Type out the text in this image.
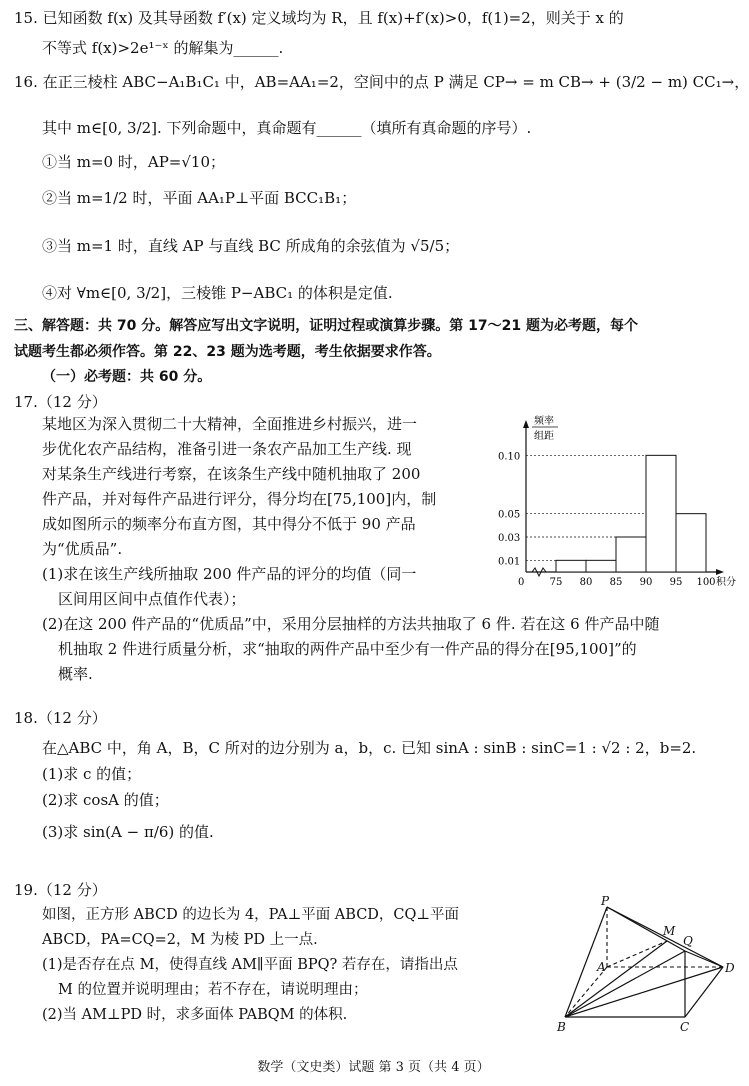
15. 已知函数 f(x) 及其导函数 f′(x) 定义域均为 R，且 f(x)+f′(x)>0，f(1)=2，则关于 x 的
不等式 f(x)>2e¹⁻ˣ 的解集为______.
16. 在正三棱柱 ABC−A₁B₁C₁ 中，AB=AA₁=2，空间中的点 P 满足 CP→ = m CB→ + (3/2 − m) CC₁→，
其中 m∈[0, 3/2]. 下列命题中，真命题有______（填所有真命题的序号）.
①当 m=0 时，AP=√10；
②当 m=1/2 时，平面 AA₁P⊥平面 BCC₁B₁；
③当 m=1 时，直线 AP 与直线 BC 所成角的余弦值为 √5/5；
④对 ∀m∈[0, 3/2]，三棱锥 P−ABC₁ 的体积是定值.
三、解答题：共 70 分。解答应写出文字说明，证明过程或演算步骤。第 17～21 题为必考题，每个
试题考生都必须作答。第 22、23 题为选考题，考生依据要求作答。
（一）必考题：共 60 分。
17.（12 分）
某地区为深入贯彻二十大精神，全面推进乡村振兴，进一
步优化农产品结构，准备引进一条农产品加工生产线. 现
对某条生产线进行考察，在该条生产线中随机抽取了 200
件产品，并对每件产品进行评分，得分均在[75,100]内，制
成如图所示的频率分布直方图，其中得分不低于 90 产品
为“优质品”.
(1)求在该生产线所抽取 200 件产品的评分的均值（同一
区间用区间中点值作代表）；
(2)在这 200 件产品的“优质品”中，采用分层抽样的方法共抽取了 6 件. 若在这 6 件产品中随
机抽取 2 件进行质量分析，求“抽取的两件产品中至少有一件产品的得分在[95,100]”的
概率.
频率
组距
0.10
0.05
0.03
0.01
0	75 80 85 90 95 100 积分
18.（12 分）
在△ABC 中，角 A，B，C 所对的边分别为 a，b，c. 已知 sinA : sinB : sinC=1 : √2 : 2，b=2.
(1)求 c 的值；
(2)求 cosA 的值；
(3)求 sin(A − π/6) 的值.
19.（12 分）
如图，正方形 ABCD 的边长为 4，PA⊥平面 ABCD，CQ⊥平面
ABCD，PA=CQ=2，M 为棱 PD 上一点.
(1)是否存在点 M，使得直线 AM∥平面 BPQ? 若存在，请指出点
M 的位置并说明理由；若不存在，请说明理由；
(2)当 AM⊥PD 时，求多面体 PABQM 的体积.
P
M
Q
A	D
B	C
数学（文史类）试题 第 3 页（共 4 页）
